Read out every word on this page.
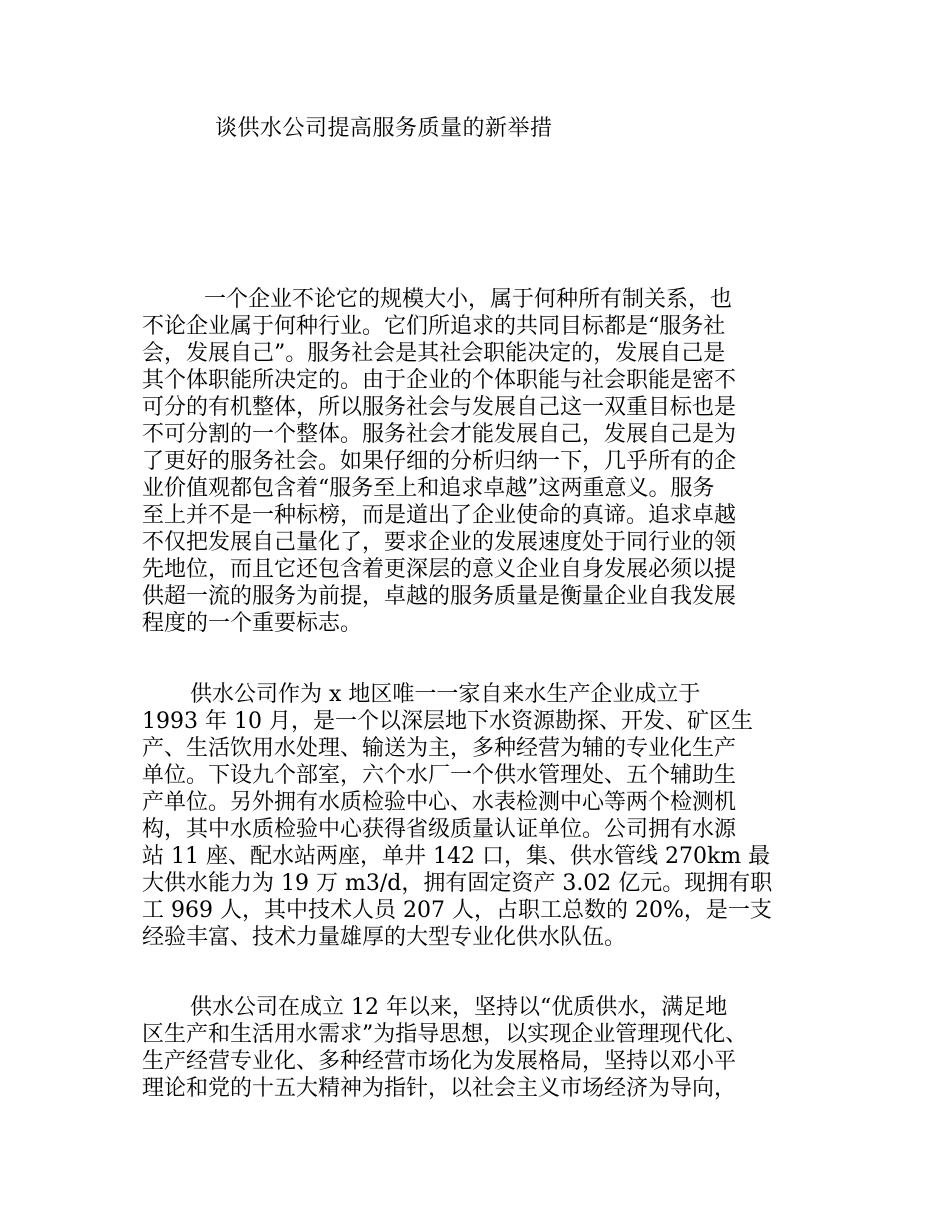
谈供水公司提高服务质量的新举措
一个企业不论它的规模大小，属于何种所有制关系，也
不论企业属于何种行业。它们所追求的共同目标都是“服务社
会，发展自己”。服务社会是其社会职能决定的，发展自己是
其个体职能所决定的。由于企业的个体职能与社会职能是密不
可分的有机整体，所以服务社会与发展自己这一双重目标也是
不可分割的一个整体。服务社会才能发展自己，发展自己是为
了更好的服务社会。如果仔细的分析归纳一下，几乎所有的企
业价值观都包含着“服务至上和追求卓越”这两重意义。服务
至上并不是一种标榜，而是道出了企业使命的真谛。追求卓越
不仅把发展自己量化了，要求企业的发展速度处于同行业的领
先地位，而且它还包含着更深层的意义企业自身发展必须以提
供超一流的服务为前提，卓越的服务质量是衡量企业自我发展
程度的一个重要标志。
供水公司作为 x 地区唯一一家自来水生产企业成立于
1993 年 10 月，是一个以深层地下水资源勘探、开发、矿区生
产、生活饮用水处理、输送为主，多种经营为辅的专业化生产
单位。下设九个部室，六个水厂一个供水管理处、五个辅助生
产单位。另外拥有水质检验中心、水表检测中心等两个检测机
构，其中水质检验中心获得省级质量认证单位。公司拥有水源
站 11 座、配水站两座，单井 142 口，集、供水管线 270km 最
大供水能力为 19 万 m3/d，拥有固定资产 3.02 亿元。现拥有职
工 969 人，其中技术人员 207 人，占职工总数的 20%，是一支
经验丰富、技术力量雄厚的大型专业化供水队伍。
供水公司在成立 12 年以来，坚持以“优质供水，满足地
区生产和生活用水需求”为指导思想，以实现企业管理现代化、
生产经营专业化、多种经营市场化为发展格局，坚持以邓小平
理论和党的十五大精神为指针，以社会主义市场经济为导向，
